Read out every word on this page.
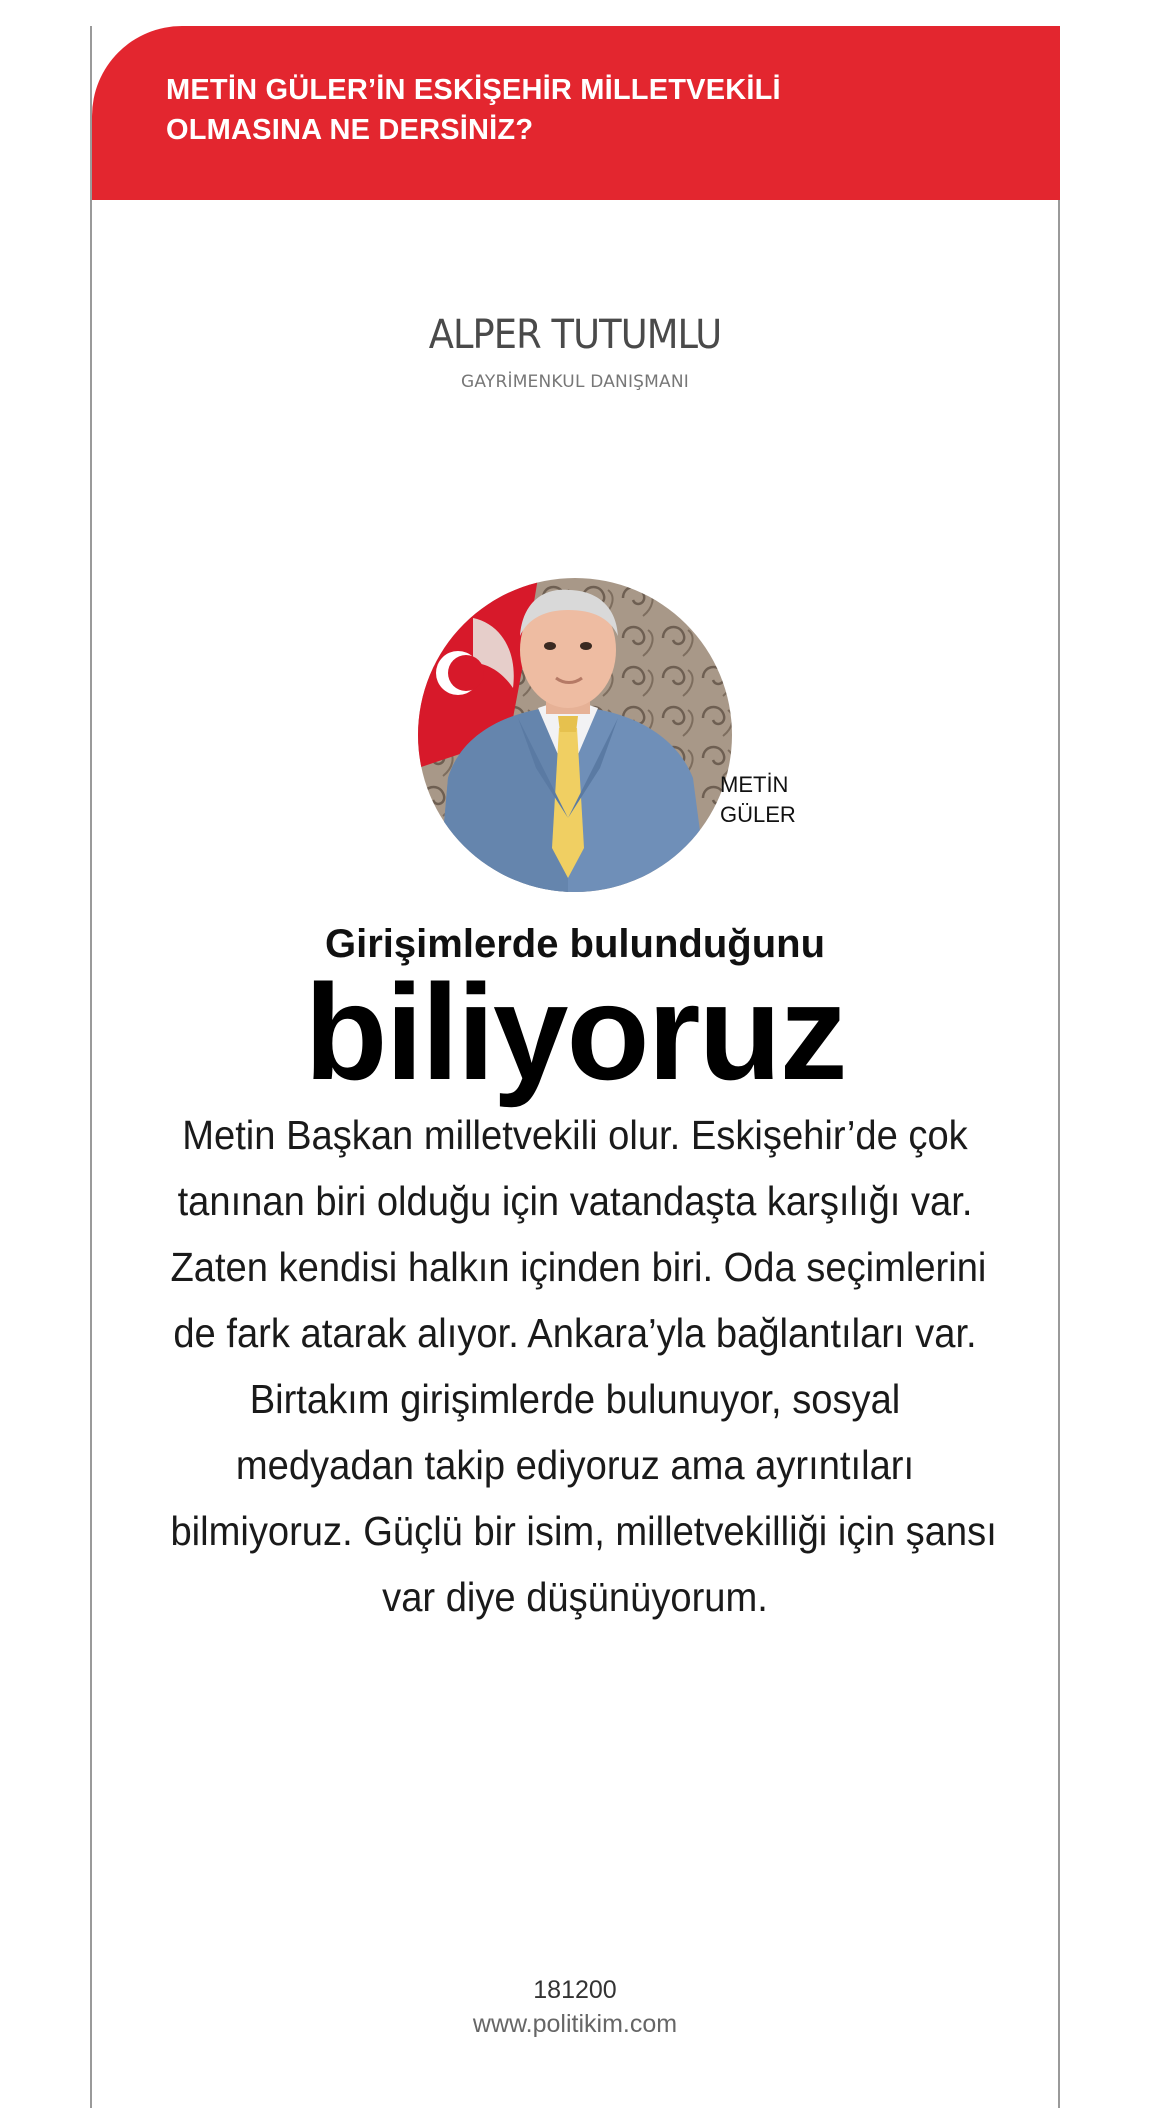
METİN GÜLER’İN ESKİŞEHİR MİLLETVEKİLİ
OLMASINA NE DERSİNİZ?

ALPER TUTUMLU
GAYRİMENKUL DANIŞMANI
METİN
GÜLER
Girişimlerde bulunduğunu
biliyoruz
Metin Başkan milletvekili olur. Eskişehir’de çok
tanınan biri olduğu için vatandaşta karşılığı var.
Zaten kendisi halkın içinden biri. Oda seçimlerini
de fark atarak alıyor. Ankara’yla bağlantıları var.
Birtakım girişimlerde bulunuyor, sosyal
medyadan takip ediyoruz ama ayrıntıları
bilmiyoruz. Güçlü bir isim, milletvekilliği için şansı
var diye düşünüyorum.
181200
www.politikim.com
